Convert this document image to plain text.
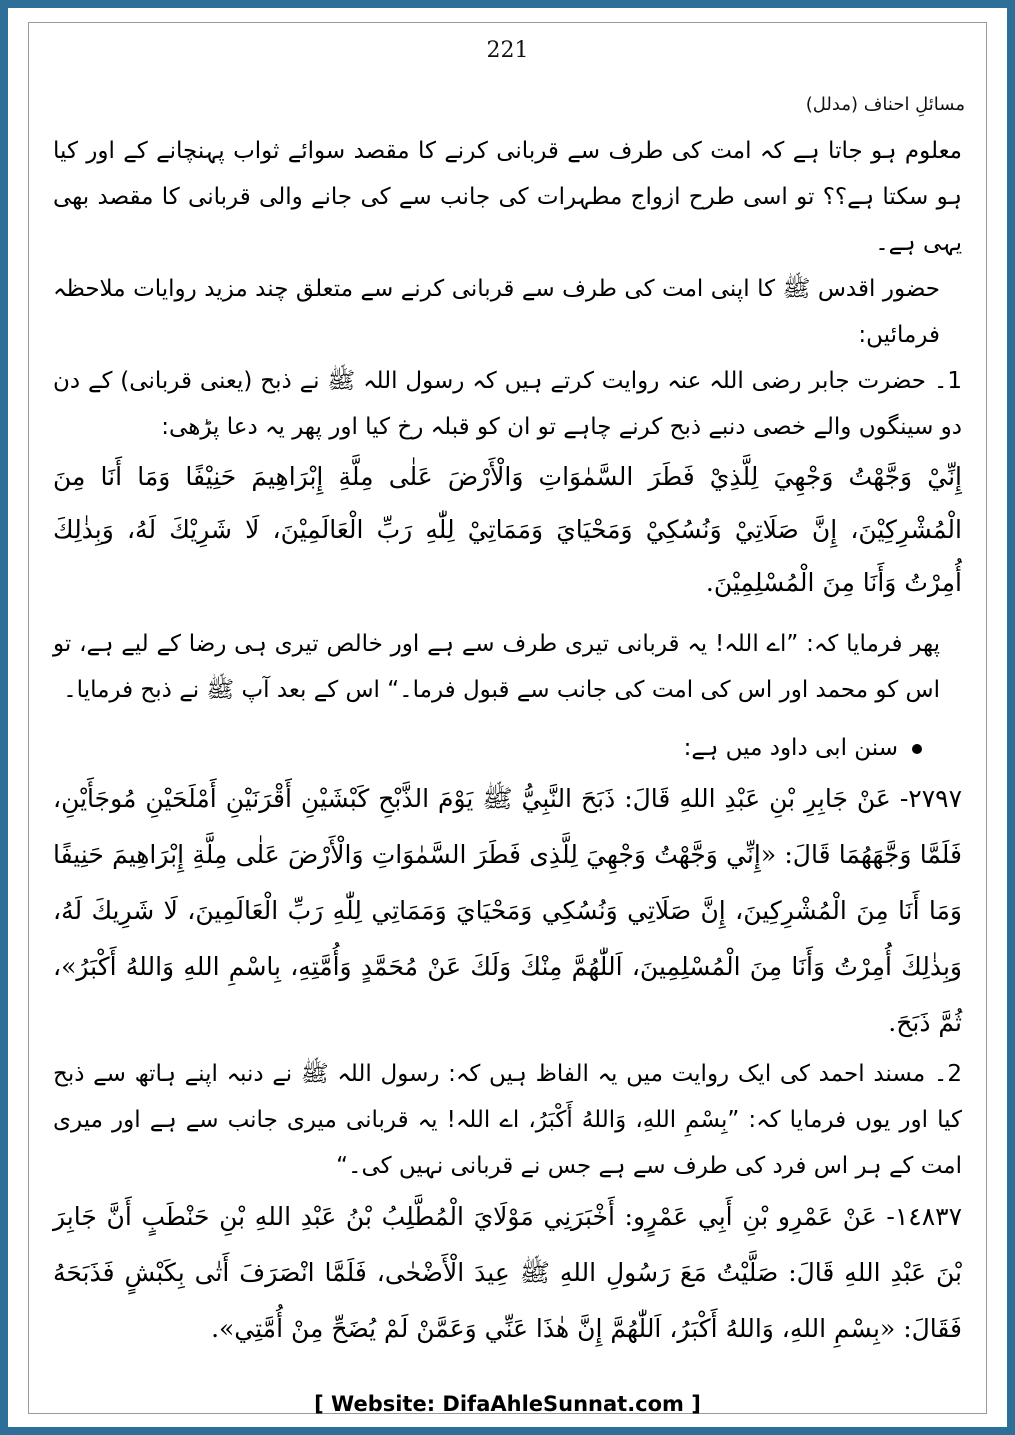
221
مسائلِ احناف (مدلل)

معلوم ہو جاتا ہے کہ امت کی طرف سے قربانی کرنے کا مقصد سوائے ثواب پہنچانے کے اور کیا ہو سکتا ہے؟؟ تو اسی طرح ازواج مطہرات کی جانب سے کی جانے والی قربانی کا مقصد بھی یہی ہے۔

حضور اقدس ﷺ کا اپنی امت کی طرف سے قربانی کرنے سے متعلق چند مزید روایات ملاحظہ فرمائیں:

1۔ حضرت جابر رضی اللہ عنہ روایت کرتے ہیں کہ رسول اللہ ﷺ نے ذبح (یعنی قربانی) کے دن دو سینگوں والے خصی دنبے ذبح کرنے چاہے تو ان کو قبلہ رخ کیا اور پھر یہ دعا پڑھی:

إِنِّيْ وَجَّهْتُ وَجْهِيَ لِلَّذِيْ فَطَرَ السَّمٰوَاتِ وَالْأَرْضَ عَلٰى مِلَّةِ إِبْرَاهِيمَ حَنِيْفًا وَمَا أَنَا مِنَ الْمُشْرِكِيْنَ، إِنَّ صَلَاتِيْ وَنُسُكِيْ وَمَحْيَايَ وَمَمَاتِيْ لِلّٰهِ رَبِّ الْعَالَمِيْنَ، لَا شَرِيْكَ لَهُ، وَبِذٰلِكَ أُمِرْتُ وَأَنَا مِنَ الْمُسْلِمِيْنَ.

پھر فرمایا کہ: ”اے اللہ! یہ قربانی تیری طرف سے ہے اور خالص تیری ہی رضا کے لیے ہے، تو اس کو محمد اور اس کی امت کی جانب سے قبول فرما۔“ اس کے بعد آپ ﷺ نے ذبح فرمایا۔

سنن ابی داود میں ہے:

٢٧٩٧- عَنْ جَابِرِ بْنِ عَبْدِ اللهِ قَالَ: ذَبَحَ النَّبِيُّ ﷺ يَوْمَ الذَّبْحِ كَبْشَيْنِ أَقْرَنَيْنِ أَمْلَحَيْنِ مُوجَأَيْنِ، فَلَمَّا وَجَّهَهُمَا قَالَ: «إِنِّي وَجَّهْتُ وَجْهِيَ لِلَّذِى فَطَرَ السَّمٰوَاتِ وَالْأَرْضَ عَلٰى مِلَّةِ إِبْرَاهِيمَ حَنِيفًا وَمَا أَنَا مِنَ الْمُشْرِكِينَ، إِنَّ صَلَاتِي وَنُسُكِي وَمَحْيَايَ وَمَمَاتِي لِلّٰهِ رَبِّ الْعَالَمِينَ، لَا شَرِيكَ لَهُ، وَبِذٰلِكَ أُمِرْتُ وَأَنَا مِنَ الْمُسْلِمِينَ، اَللّٰهُمَّ مِنْكَ وَلَكَ عَنْ مُحَمَّدٍ وَأُمَّتِهِ، بِاسْمِ اللهِ وَاللهُ أَكْبَرُ»، ثُمَّ ذَبَحَ.

2۔ مسند احمد کی ایک روایت میں یہ الفاظ ہیں کہ: رسول اللہ ﷺ نے دنبہ اپنے ہاتھ سے ذبح کیا اور یوں فرمایا کہ: ”بِسْمِ اللهِ، وَاللهُ أَكْبَرُ، اے اللہ! یہ قربانی میری جانب سے ہے اور میری امت کے ہر اس فرد کی طرف سے ہے جس نے قربانی نہیں کی۔“

١٤٨٣٧- عَنْ عَمْرِو بْنِ أَبِي عَمْرٍو: أَخْبَرَنِي مَوْلَايَ الْمُطَّلِبُ بْنُ عَبْدِ اللهِ بْنِ حَنْطَبٍ أَنَّ جَابِرَ بْنَ عَبْدِ اللهِ قَالَ: صَلَّيْتُ مَعَ رَسُولِ اللهِ ﷺ عِيدَ الْأَضْحٰى، فَلَمَّا انْصَرَفَ أَتٰى بِكَبْشٍ فَذَبَحَهُ فَقَالَ: «بِسْمِ اللهِ، وَاللهُ أَكْبَرُ، اَللّٰهُمَّ إِنَّ هٰذَا عَنِّي وَعَمَّنْ لَمْ يُضَحِّ مِنْ أُمَّتِي».

[ Website: DifaAhleSunnat.com ]
